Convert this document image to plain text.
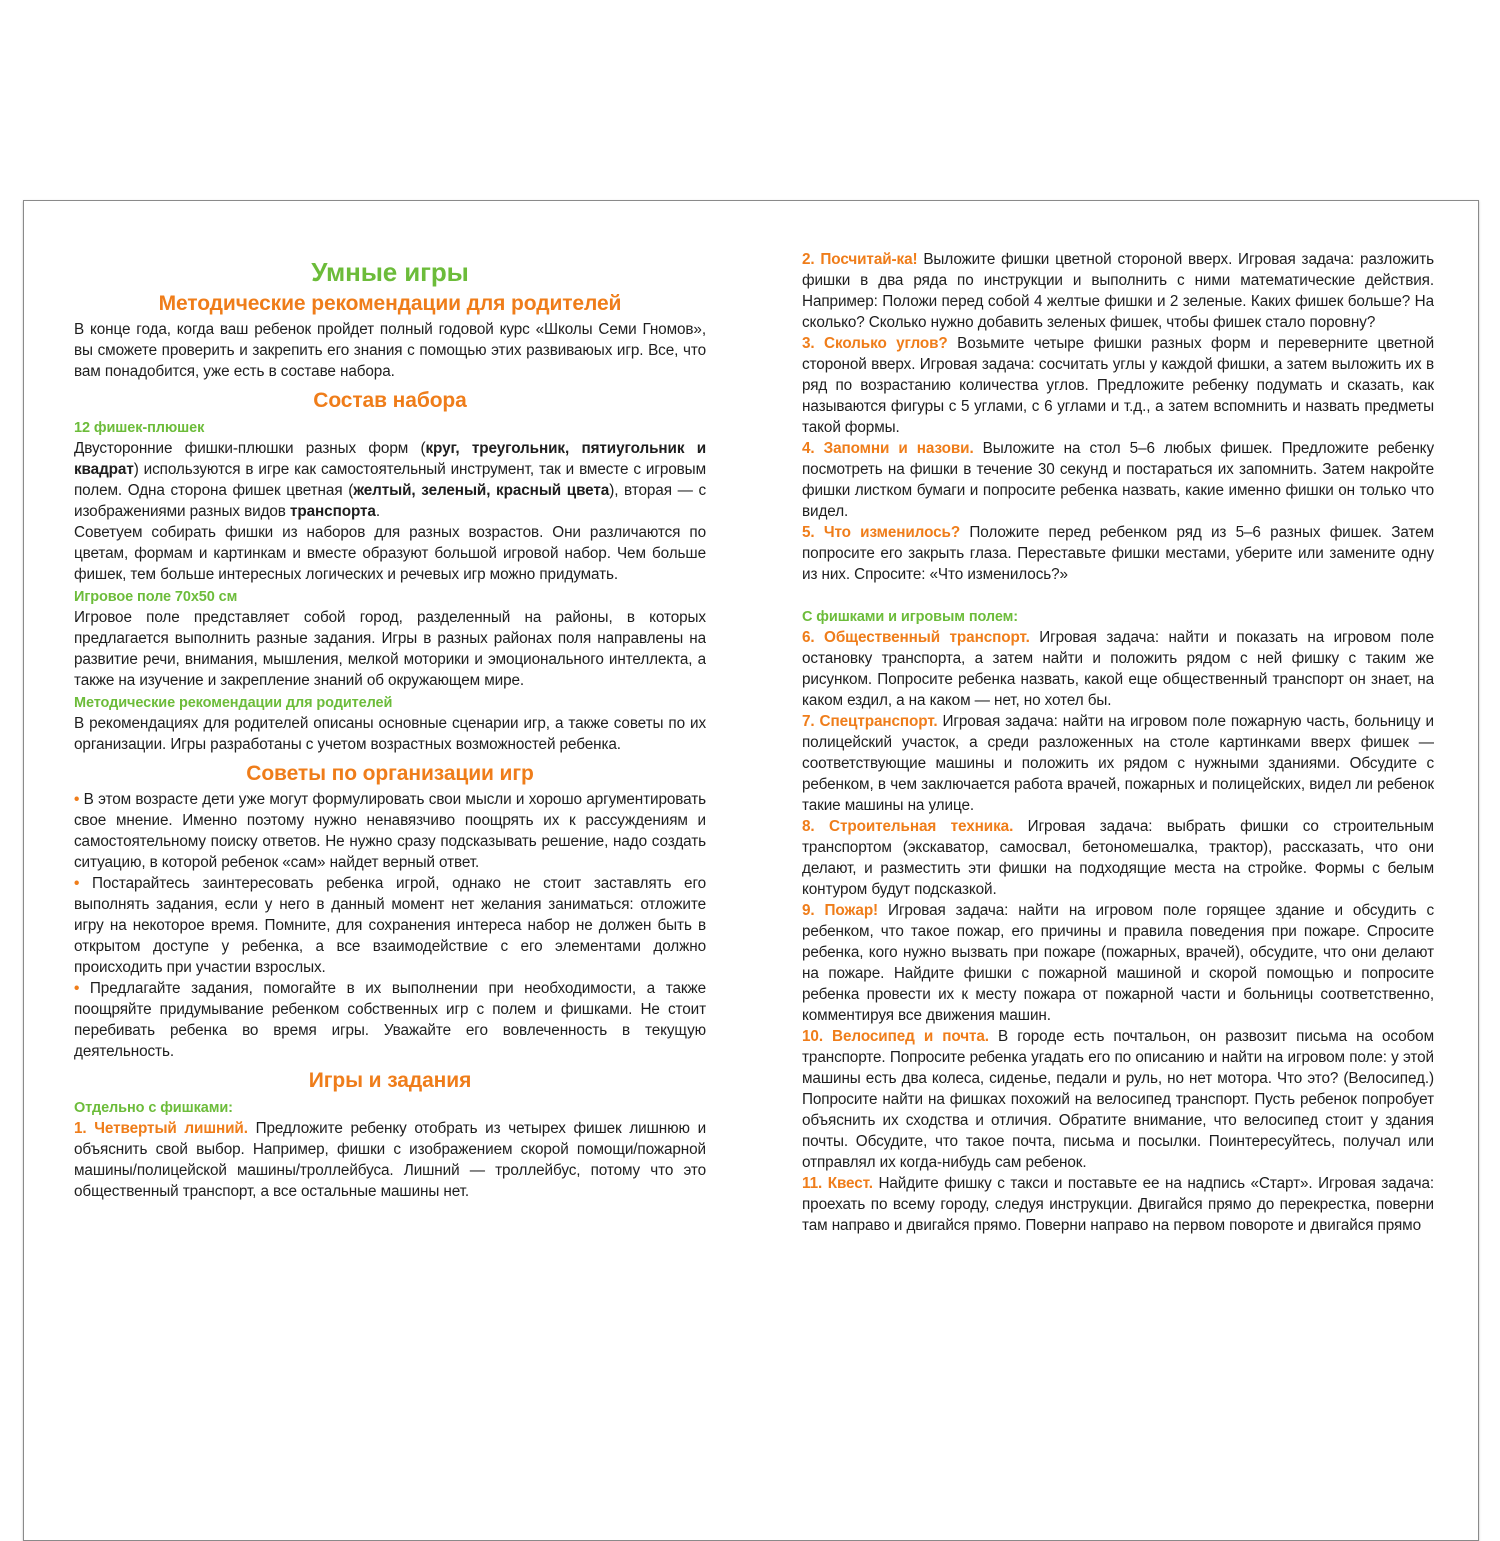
Умные игры
Методические рекомендации для родителей

В конце года, когда ваш ребенок пройдет полный годовой курс «Школы Семи Гномов», вы сможете проверить и закрепить его знания с помощью этих развиваюых игр. Все, что вам понадобится, уже есть в составе набора.

Состав набора
12 фишек-плюшек

Двусторонние фишки-плюшки разных форм (круг, треугольник, пятиугольник и квадрат) используются в игре как самостоятельный инструмент, так и вместе с игровым полем. Одна сторона фишек цветная (желтый, зеленый, красный цвета), вторая — с изображениями разных видов транспорта.

Советуем собирать фишки из наборов для разных возрастов. Они различаются по цветам, формам и картинкам и вместе образуют большой игровой набор. Чем больше фишек, тем больше интересных логических и речевых игр можно придумать.

Игровое поле 70х50 см

Игровое поле представляет собой город, разделенный на районы, в которых предлагается выполнить разные задания. Игры в разных районах поля направлены на развитие речи, внимания, мышления, мелкой моторики и эмоционального интеллекта, а также на изучение и закрепление знаний об окружающем мире.

Методические рекомендации для родителей

В рекомендациях для родителей описаны основные сценарии игр, а также советы по их организации. Игры разработаны с учетом возрастных возможностей ребенка.

Советы по организации игр

• В этом возрасте дети уже могут формулировать свои мысли и хорошо аргументировать свое мнение. Именно поэтому нужно ненавязчиво поощрять их к рассуждениям и самостоятельному поиску ответов. Не нужно сразу подсказывать решение, надо создать ситуацию, в которой ребенок «сам» найдет верный ответ.

• Постарайтесь заинтересовать ребенка игрой, однако не стоит заставлять его выполнять задания, если у него в данный момент нет желания заниматься: отложите игру на некоторое время. Помните, для сохранения интереса набор не должен быть в открытом доступе у ребенка, а все взаимодействие с его элементами должно происходить при участии взрослых.

• Предлагайте задания, помогайте в их выполнении при необходимости, а также поощряйте придумывание ребенком собственных игр с полем и фишками. Не стоит перебивать ребенка во время игры. Уважайте его вовлеченность в текущую деятельность.

Игры и задания
Отдельно с фишками:

1. Четвертый лишний. Предложите ребенку отобрать из четырех фишек лишнюю и объяснить свой выбор. Например, фишки с изображением скорой помощи/пожарной машины/полицейской машины/троллейбуса. Лишний — троллейбус, потому что это общественный транспорт, а все остальные машины нет.

2. Посчитай-ка! Выложите фишки цветной стороной вверх. Игровая задача: разложить фишки в два ряда по инструкции и выполнить с ними математические действия. Например: Положи перед собой 4 желтые фишки и 2 зеленые. Каких фишек больше? На сколько? Сколько нужно добавить зеленых фишек, чтобы фишек стало поровну?

3. Сколько углов? Возьмите четыре фишки разных форм и переверните цветной стороной вверх. Игровая задача: сосчитать углы у каждой фишки, а затем выложить их в ряд по возрастанию количества углов. Предложите ребенку подумать и сказать, как называются фигуры с 5 углами, с 6 углами и т.д., а затем вспомнить и назвать предметы такой формы.

4. Запомни и назови. Выложите на стол 5–6 любых фишек. Предложите ребенку посмотреть на фишки в течение 30 секунд и постараться их запомнить. Затем накройте фишки листком бумаги и попросите ребенка назвать, какие именно фишки он только что видел.

5. Что изменилось? Положите перед ребенком ряд из 5–6 разных фишек. Затем попросите его закрыть глаза. Переставьте фишки местами, уберите или замените одну из них. Спросите: «Что изменилось?»

С фишками и игровым полем:

6. Общественный транспорт. Игровая задача: найти и показать на игровом поле остановку транспорта, а затем найти и положить рядом с ней фишку с таким же рисунком. Попросите ребенка назвать, какой еще общественный транспорт он знает, на каком ездил, а на каком — нет, но хотел бы.

7. Спецтранспорт. Игровая задача: найти на игровом поле пожарную часть, больницу и полицейский участок, а среди разложенных на столе картинками вверх фишек — соответствующие машины и положить их рядом с нужными зданиями. Обсудите с ребенком, в чем заключается работа врачей, пожарных и полицейских, видел ли ребенок такие машины на улице.

8. Строительная техника. Игровая задача: выбрать фишки со строительным транспортом (экскаватор, самосвал, бетономешалка, трактор), рассказать, что они делают, и разместить эти фишки на подходящие места на стройке. Формы с белым контуром будут подсказкой.

9. Пожар! Игровая задача: найти на игровом поле горящее здание и обсудить с ребенком, что такое пожар, его причины и правила поведения при пожаре. Спросите ребенка, кого нужно вызвать при пожаре (пожарных, врачей), обсудите, что они делают на пожаре. Найдите фишки с пожарной машиной и скорой помощью и попросите ребенка провести их к месту пожара от пожарной части и больницы соответственно, комментируя все движения машин.

10. Велосипед и почта. В городе есть почтальон, он развозит письма на особом транспорте. Попросите ребенка угадать его по описанию и найти на игровом поле: у этой машины есть два колеса, сиденье, педали и руль, но нет мотора. Что это? (Велосипед.) Попросите найти на фишках похожий на велосипед транспорт. Пусть ребенок попробует объяснить их сходства и отличия. Обратите внимание, что велосипед стоит у здания почты. Обсудите, что такое почта, письма и посылки. Поинтересуйтесь, получал или отправлял их когда-нибудь сам ребенок.

11. Квест. Найдите фишку с такси и поставьте ее на надпись «Старт». Игровая задача: проехать по всему городу, следуя инструкции. Двигайся прямо до перекрестка, поверни там направо и двигайся прямо. Поверни направо на первом повороте и двигайся прямо
